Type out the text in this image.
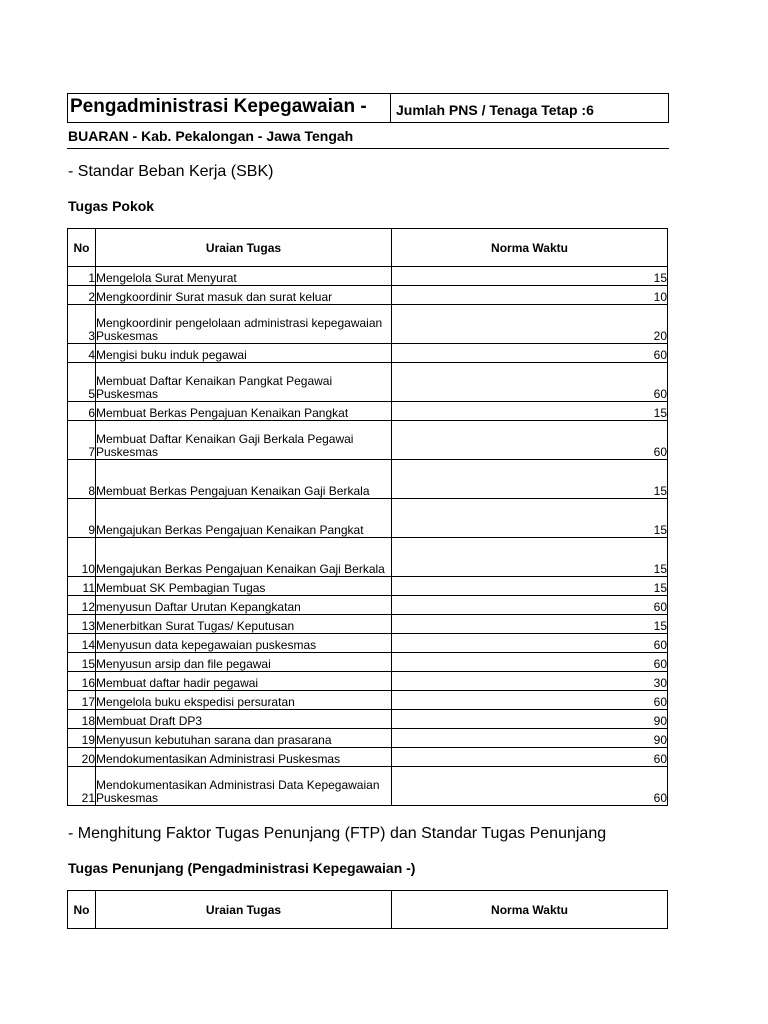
Pengadministrasi Kepegawaian - Jumlah PNS / Tenaga Tetap :6
BUARAN - Kab. Pekalongan - Jawa Tengah
- Standar Beban Kerja (SBK)
Tugas Pokok
No	Uraian Tugas	Norma Waktu
1	Mengelola Surat Menyurat	15
2	Mengkoordinir Surat masuk dan surat keluar	10
3	Mengkoordinir pengelolaan administrasi kepegawaian Puskesmas	20
4	Mengisi buku induk pegawai	60
5	Membuat Daftar Kenaikan Pangkat Pegawai Puskesmas	60
6	Membuat Berkas Pengajuan Kenaikan Pangkat	15
7	Membuat Daftar Kenaikan Gaji Berkala Pegawai Puskesmas	60
8	Membuat Berkas Pengajuan Kenaikan Gaji Berkala	15
9	Mengajukan Berkas Pengajuan Kenaikan Pangkat	15
10	Mengajukan Berkas Pengajuan Kenaikan Gaji Berkala	15
11	Membuat SK Pembagian Tugas	15
12	menyusun Daftar Urutan Kepangkatan	60
13	Menerbitkan Surat Tugas/ Keputusan	15
14	Menyusun data kepegawaian puskesmas	60
15	Menyusun arsip dan file pegawai	60
16	Membuat daftar hadir pegawai	30
17	Mengelola buku ekspedisi persuratan	60
18	Membuat Draft DP3	90
19	Menyusun kebutuhan sarana dan prasarana	90
20	Mendokumentasikan Administrasi Puskesmas	60
21	Mendokumentasikan Administrasi Data Kepegawaian Puskesmas	60
- Menghitung Faktor Tugas Penunjang (FTP) dan Standar Tugas Penunjang
Tugas Penunjang (Pengadministrasi Kepegawaian -)
No	Uraian Tugas	Norma Waktu
